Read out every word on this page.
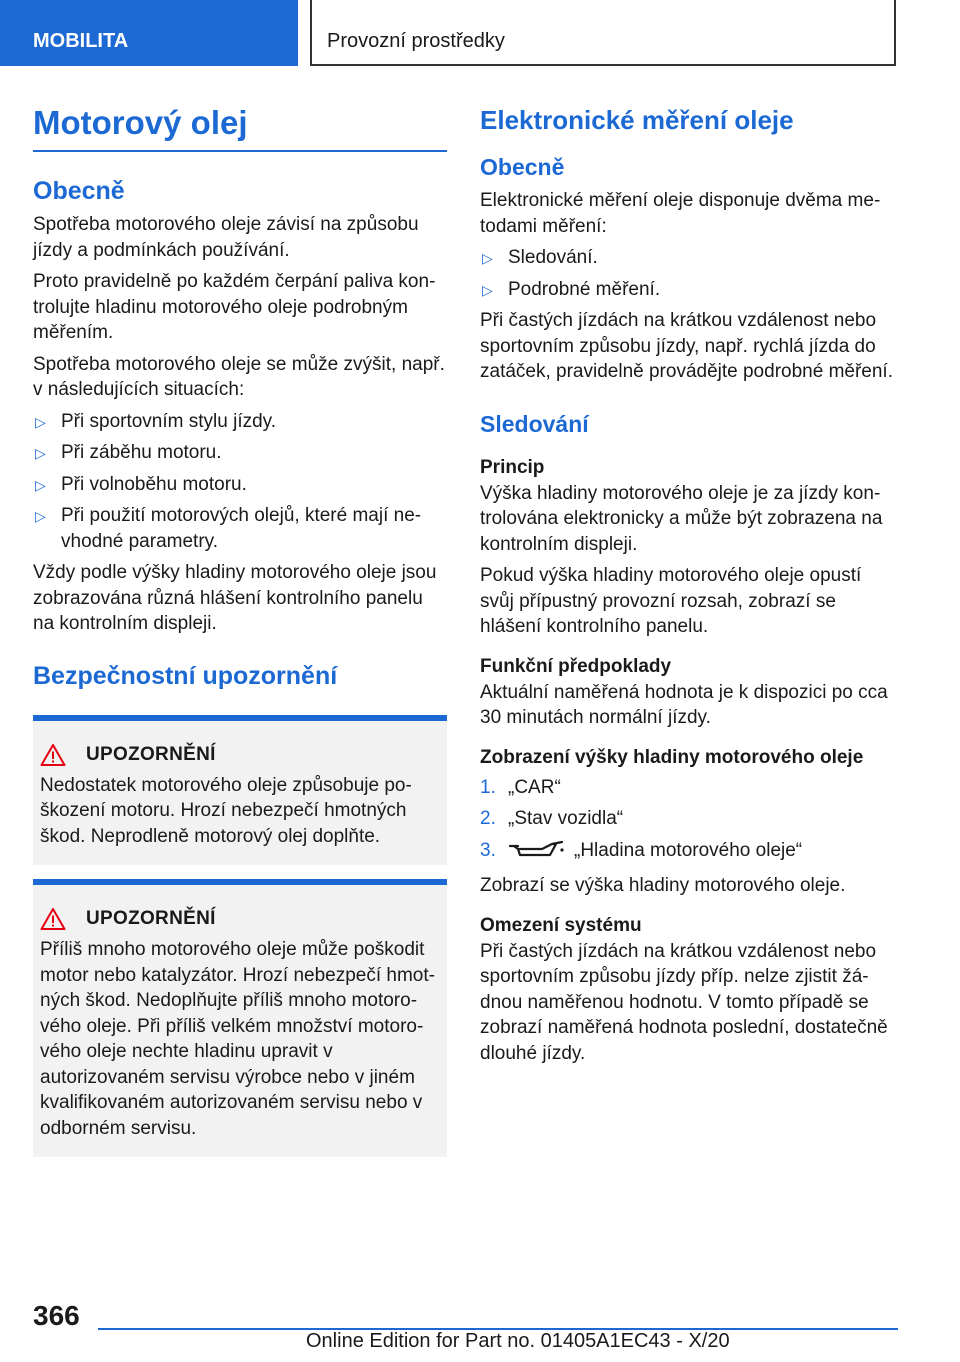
MOBILITA	Provozní prostředky
Motorový olej
Obecně

Spotřeba motorového oleje závisí na způsobu jízdy a podmínkách používání.

Proto pravidelně po každém čerpání paliva kontrolujte hladinu motorového oleje podrobným měřením.

Spotřeba motorového oleje se může zvýšit, např. v následujících situacích:

▷ Při sportovním stylu jízdy.
▷ Při záběhu motoru.
▷ Při volnoběhu motoru.
▷ Při použití motorových olejů, které mají nevhodné parametry.

Vždy podle výšky hladiny motorového oleje jsou zobrazována různá hlášení kontrolního panelu na kontrolním displeji.

Bezpečnostní upozornění
UPOZORNĚNÍ

Nedostatek motorového oleje způsobuje poškození motoru. Hrozí nebezpečí hmotných škod. Neprodleně motorový olej doplňte.

UPOZORNĚNÍ

Příliš mnoho motorového oleje může poškodit motor nebo katalyzátor. Hrozí nebezpečí hmotných škod. Nedoplňujte příliš mnoho motorového oleje. Při příliš velkém množství motorového oleje nechte hladinu upravit v autorizovaném servisu výrobce nebo v jiném kvalifikovaném autorizovaném servisu nebo v odborném servisu.

Elektronické měření oleje
Obecně

Elektronické měření oleje disponuje dvěma metodami měření:

▷ Sledování.
▷ Podrobné měření.

Při častých jízdách na krátkou vzdálenost nebo sportovním způsobu jízdy, např. rychlá jízda do zatáček, pravidelně provádějte podrobné měření.

Sledování
Princip

Výška hladiny motorového oleje je za jízdy kontrolována elektronicky a může být zobrazena na kontrolním displeji.

Pokud výška hladiny motorového oleje opustí svůj přípustný provozní rozsah, zobrazí se hlášení kontrolního panelu.

Funkční předpoklady

Aktuální naměřená hodnota je k dispozici po cca 30 minutách normální jízdy.

Zobrazení výšky hladiny motorového oleje
1. „CAR“
2. „Stav vozidla“
3.	„Hladina motorového oleje“

Zobrazí se výška hladiny motorového oleje.

Omezení systému

Při častých jízdách na krátkou vzdálenost nebo sportovním způsobu jízdy příp. nelze zjistit žádnou naměřenou hodnotu. V tomto případě se zobrazí naměřená hodnota poslední, dostatečně dlouhé jízdy.

366
Online Edition for Part no. 01405A1EC43 - X/20
